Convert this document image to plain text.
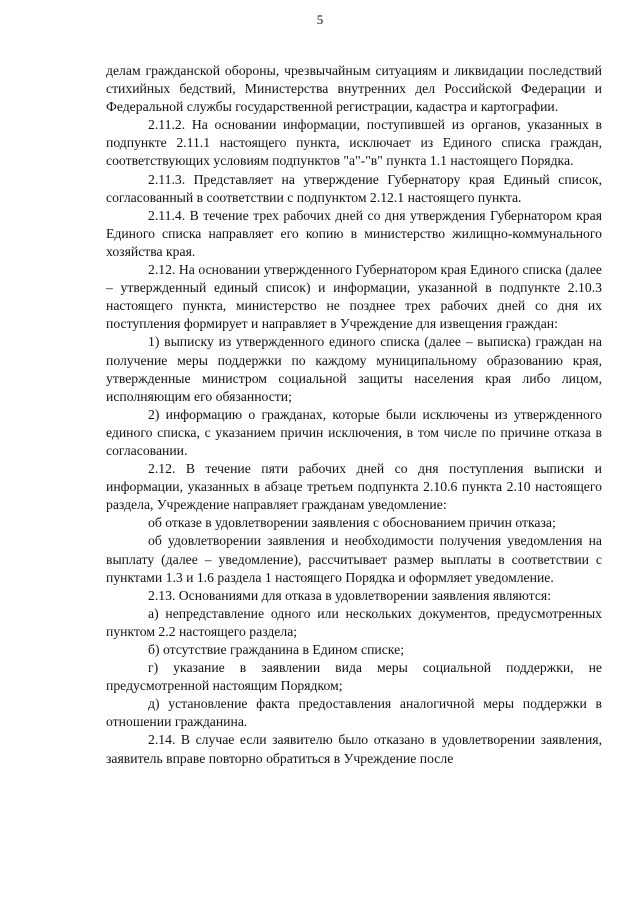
5

делам гражданской обороны, чрезвычайным ситуациям и ликвидации последствий стихийных бедствий, Министерства внутренних дел Российской Федерации и Федеральной службы государственной регистрации, кадастра и картографии.

2.11.2. На основании информации, поступившей из органов, указанных в подпункте 2.11.1 настоящего пункта, исключает из Единого списка граждан, соответствующих условиям подпунктов "а"-"в" пункта 1.1 настоящего Порядка.

2.11.3. Представляет на утверждение Губернатору края Единый список, согласованный в соответствии с подпунктом 2.12.1 настоящего пункта.

2.11.4. В течение трех рабочих дней со дня утверждения Губернатором края Единого списка направляет его копию в министерство жилищно-коммунального хозяйства края.

2.12. На основании утвержденного Губернатором края Единого списка (далее – утвержденный единый список) и информации, указанной в подпункте 2.10.3 настоящего пункта, министерство не позднее трех рабочих дней со дня их поступления формирует и направляет в Учреждение для извещения граждан:

1) выписку из утвержденного единого списка (далее – выписка) граждан на получение меры поддержки по каждому муниципальному образованию края, утвержденные министром социальной защиты населения края либо лицом, исполняющим его обязанности;

2) информацию о гражданах, которые были исключены из утвержденного единого списка, с указанием причин исключения, в том числе по причине отказа в согласовании.

2.12. В течение пяти рабочих дней со дня поступления выписки и информации, указанных в абзаце третьем подпункта 2.10.6 пункта 2.10 настоящего раздела, Учреждение направляет гражданам уведомление:

об отказе в удовлетворении заявления с обоснованием причин отказа;

об удовлетворении заявления и необходимости получения уведомления на выплату (далее – уведомление), рассчитывает размер выплаты в соответствии с пунктами 1.3 и 1.6 раздела 1 настоящего Порядка и оформляет уведомление.

2.13. Основаниями для отказа в удовлетворении заявления являются:

а) непредставление одного или нескольких документов, предусмотренных пунктом 2.2 настоящего раздела;

б) отсутствие гражданина в Едином списке;

г) указание в заявлении вида меры социальной поддержки, не предусмотренной настоящим Порядком;

д) установление факта предоставления аналогичной меры поддержки в отношении гражданина.

2.14. В случае если заявителю было отказано в удовлетворении заявления, заявитель вправе повторно обратиться в Учреждение после
